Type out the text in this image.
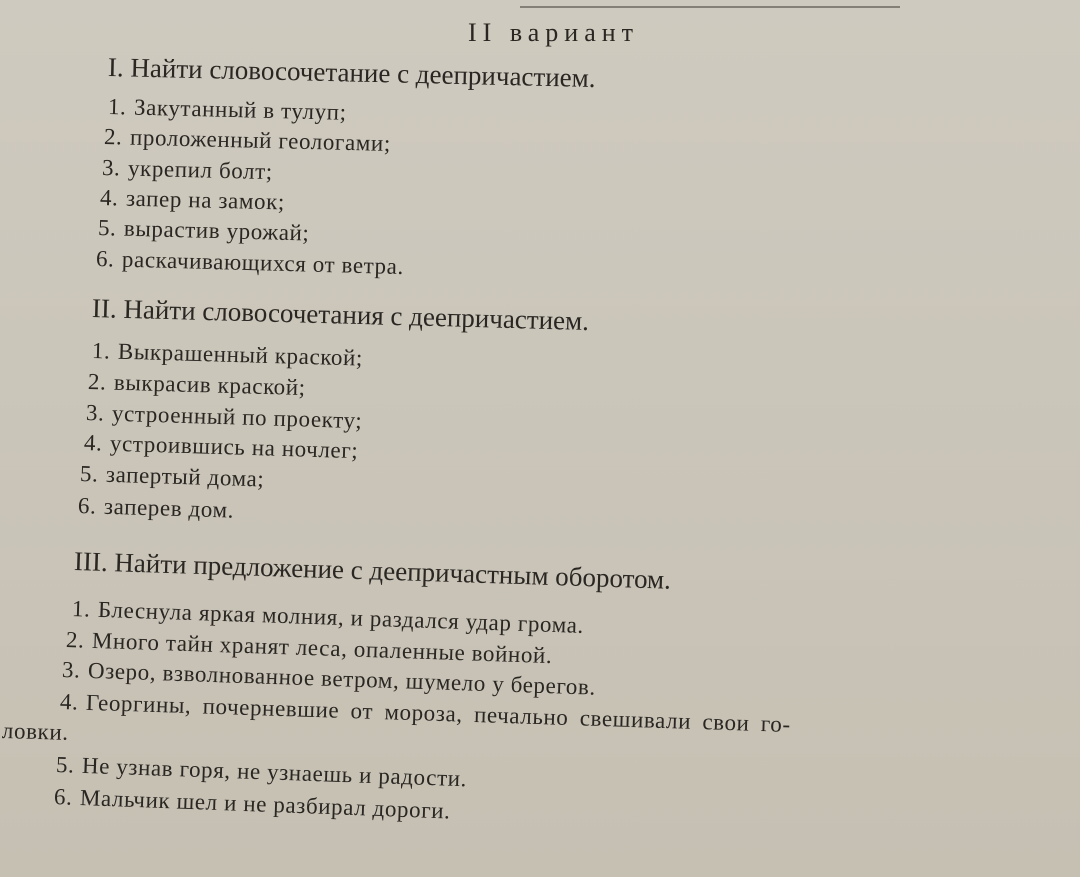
II вариант
I. Найти словосочетание с деепричастием.
1. Закутанный в тулуп;
2. проложенный геологами;
3. укрепил болт;
4. запер на замок;
5. вырастив урожай;
6. раскачивающихся от ветра.
II. Найти словосочетания с деепричастием.
1. Выкрашенный краской;
2. выкрасив краской;
3. устроенный по проекту;
4. устроившись на ночлег;
5. запертый дома;
6. заперев дом.
III. Найти предложение с деепричастным оборотом.
1. Блеснула яркая молния, и раздался удар грома.
2. Много тайн хранят леса, опаленные войной.
3. Озеро, взволнованное ветром, шумело у берегов.
4. Георгины, почерневшие от мороза, печально свешивали свои го-
ловки.
5. Не узнав горя, не узнаешь и радости.
6. Мальчик шел и не разбирал дороги.
